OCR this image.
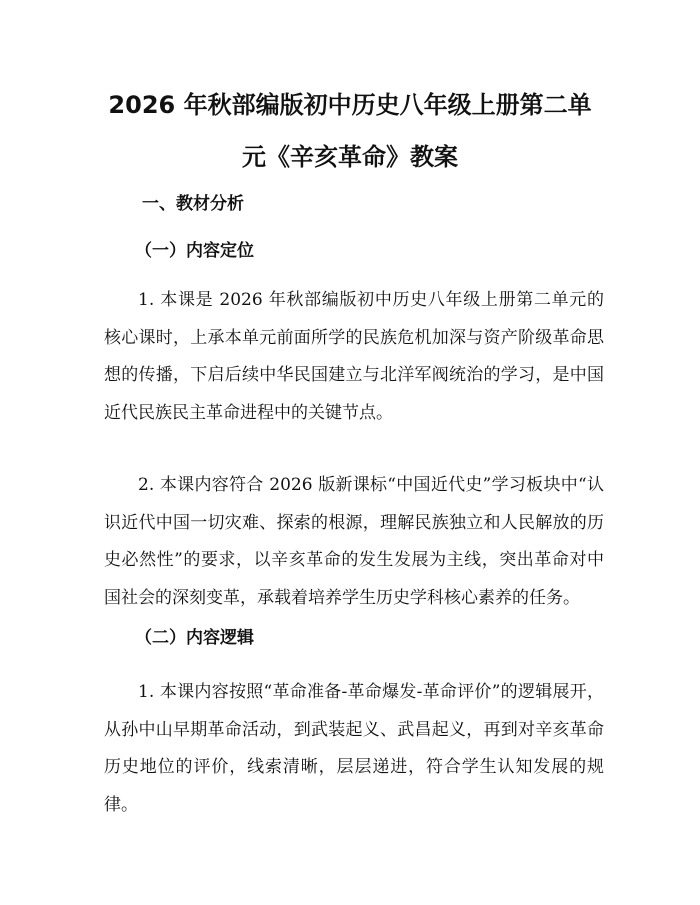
2026 年秋部编版初中历史八年级上册第二单
元《辛亥革命》教案
一、教材分析
（一）内容定位

1. 本课是 2026 年秋部编版初中历史八年级上册第二单元的核心课时，上承本单元前面所学的民族危机加深与资产阶级革命思想的传播，下启后续中华民国建立与北洋军阀统治的学习，是中国近代民族民主革命进程中的关键节点。

2. 本课内容符合 2026 版新课标“中国近代史”学习板块中“认识近代中国一切灾难、探索的根源，理解民族独立和人民解放的历史必然性”的要求，以辛亥革命的发生发展为主线，突出革命对中国社会的深刻变革，承载着培养学生历史学科核心素养的任务。

（二）内容逻辑

1. 本课内容按照“革命准备-革命爆发-革命评价”的逻辑展开，从孙中山早期革命活动，到武装起义、武昌起义，再到对辛亥革命历史地位的评价，线索清晰，层层递进，符合学生认知发展的规律。
